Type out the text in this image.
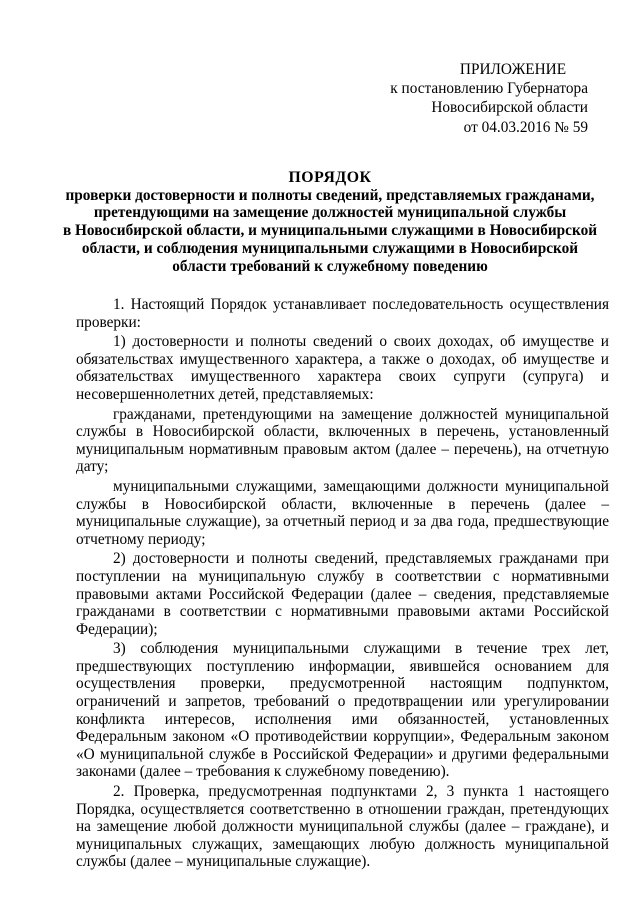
ПРИЛОЖЕНИЕ
к постановлению Губернатора
Новосибирской области
от 04.03.2016 № 59
ПОРЯДОК
проверки достоверности и полноты сведений, представляемых гражданами,
претендующими на замещение должностей муниципальной службы
в Новосибирской области, и муниципальными служащими в Новосибирской
области, и соблюдения муниципальными служащими в Новосибирской
области требований к служебному поведению

1. Настоящий Порядок устанавливает последовательность осуществления проверки:

1) достоверности и полноты сведений о своих доходах, об имуществе и обязательствах имущественного характера, а также о доходах, об имуществе и обязательствах имущественного характера своих супруги (супруга) и несовершеннолетних детей, представляемых:

гражданами, претендующими на замещение должностей муниципальной службы в Новосибирской области, включенных в перечень, установленный муниципальным нормативным правовым актом (далее – перечень), на отчетную дату;

муниципальными служащими, замещающими должности муниципальной службы в Новосибирской области, включенные в перечень (далее – муниципальные служащие), за отчетный период и за два года, предшествующие отчетному периоду;

2) достоверности и полноты сведений, представляемых гражданами при поступлении на муниципальную службу в соответствии с нормативными правовыми актами Российской Федерации (далее – сведения, представляемые гражданами в соответствии с нормативными правовыми актами Российской Федерации);

3) соблюдения муниципальными служащими в течение трех лет, предшествующих поступлению информации, явившейся основанием для осуществления проверки, предусмотренной настоящим подпунктом, ограничений и запретов, требований о предотвращении или урегулировании конфликта интересов, исполнения ими обязанностей, установленных Федеральным законом «О противодействии коррупции», Федеральным законом «О муниципальной службе в Российской Федерации» и другими федеральными законами (далее – требования к служебному поведению).

2. Проверка, предусмотренная подпунктами 2, 3 пункта 1 настоящего Порядка, осуществляется соответственно в отношении граждан, претендующих на замещение любой должности муниципальной службы (далее – граждане), и муниципальных служащих, замещающих любую должность муниципальной службы (далее – муниципальные служащие).
